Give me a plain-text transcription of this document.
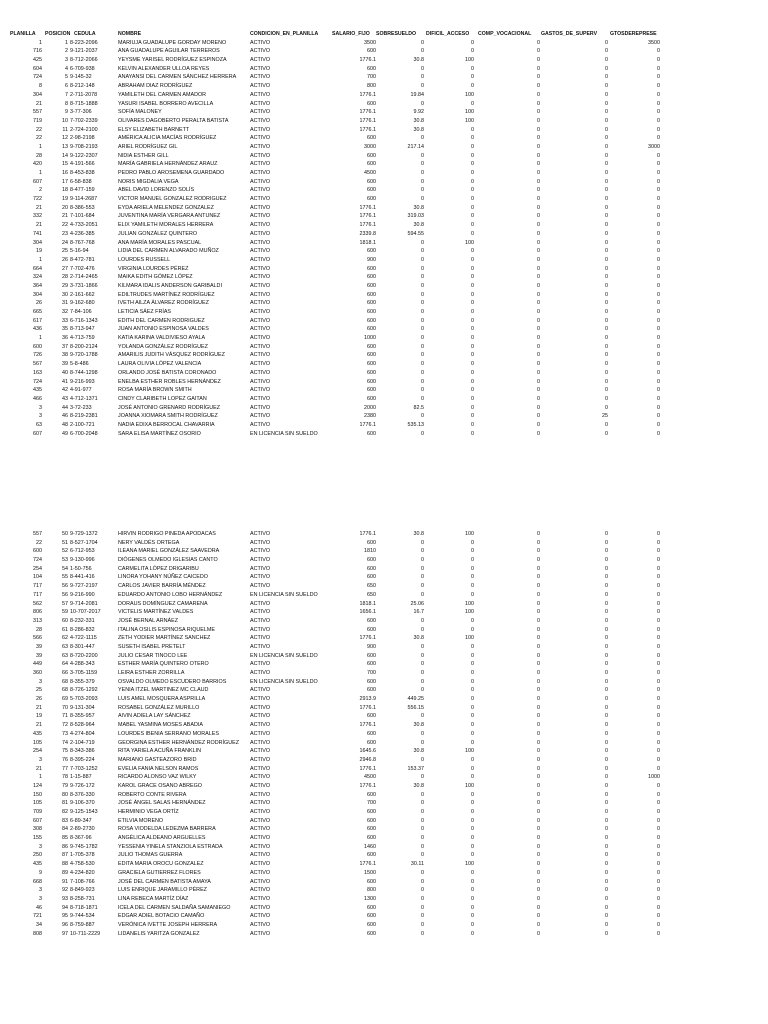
PLANILLA POSICION CEDULA	NOMBRE	CONDICION_EN_PLANILLA	SALARIO_FIJO SOBRESUELDO DIFICIL_ACCESO COMP_VOCACIONAL GASTOS_DE_SUPERV GTOSDEREPRESE
1	1 8-223-2096	MARIUJA GUADALUPE GORDAY MORENO	ACTIVO	3500	0	0	0	0	3500
716	2 9-121-2037	ANA GUADALUPE AGUILAR TERREROS	ACTIVO	600	0	0	0	0	0
425	3 8-712-2066	YEYSME YARISEL RODRÍGUEZ ESPINOZA	ACTIVO	1776.1	30.8	100	0	0	0
604	4 6-709-938	KELVIN ALEXANDER ULLOA REYES	ACTIVO	600	0	0	0	0	0
724	5 9-145-32	ANAYANSI DEL CARMEN SÁNCHEZ HERRERA	ACTIVO	700	0	0	0	0	0
8	6 8-212-148	ABRAHAM DIAZ RODRÍGUEZ	ACTIVO	800	0	0	0	0	0
304	7 2-711-2078	YAMILETH DEL CARMEN AMADOR	ACTIVO	1776.1	19.84	100	0	0	0
21	8 8-715-1888	YASURI ISABEL BORRERO AVECILLA	ACTIVO	600	0	0	0	0	0
557	9 3-77-306	SOFÍA MALONEY	ACTIVO	1776.1	9.92	100	0	0	0
719	10 7-702-2339	OLIVARES DAGOBERTO PERALTA BATISTA	ACTIVO	1776.1	30.8	100	0	0	0
22	11 2-724-2100	ELSY ELIZABETH BARNETT	ACTIVO	1776.1	30.8	0	0	0	0
22	12 2-98-2198	AMÉRICA ALICIA MACÍAS RODRÍGUEZ	ACTIVO	600	0	0	0	0	0
1	13 9-708-2193	ARIEL RODRÍGUEZ GIL	ACTIVO	3000	217.14	0	0	0	3000
28	14 9-122-2307	NIDIA ESTHER GILL	ACTIVO	600	0	0	0	0	0
420	15 4-191-566	MARÍA GABRIELA HERNÁNDEZ ARAUZ	ACTIVO	600	0	0	0	0	0
1	16 8-453-838	PEDRO PABLO AROSEMENA GUARDADO	ACTIVO	4500	0	0	0	0	0
607	17 6-58-838	NORIS MIGDALIA VEGA	ACTIVO	600	0	0	0	0	0
2	18 8-477-159	ABEL DAVID LORENZO SOLÍS	ACTIVO	600	0	0	0	0	0
722	19 9-114-2687	VICTOR MANUEL GONZALEZ RODRIGUEZ	ACTIVO	600	0	0	0	0	0
21	20 8-386-553	EYDA ARIELA MELENDEZ GONZALEZ	ACTIVO	1776.1	30.8	0	0	0	0
332	21 7-101-684	JUVENTINA MARÍA VERGARA ANTUNEZ	ACTIVO	1776.1	319.03	0	0	0	0
21	22 4-733-2051	ELIX YAMILETH MORALES HERRERA	ACTIVO	1776.1	30.8	0	0	0	0
741	23 4-236-385	JULIAN GONZÁLEZ QUINTERO	ACTIVO	2339.8	594.55	0	0	0	0
304	24 8-767-768	ANA MARÍA MORALES PASCUAL	ACTIVO	1818.1	0	100	0	0	0
19	25 5-16-94	LIDIA DEL CARMEN ALVARADO MUÑOZ	ACTIVO	600	0	0	0	0	0
1	26 8-472-781	LOURDES RUSSELL	ACTIVO	900	0	0	0	0	0
664	27 7-702-476	VIRGINIA LOURDES PÉREZ	ACTIVO	600	0	0	0	0	0
324	28 2-714-2465	MAIKA EDITH GÓMEZ LÓPEZ	ACTIVO	600	0	0	0	0	0
364	29 3-731-1866	KILMARA IDALIS ANDERSON GARIBALDI	ACTIVO	600	0	0	0	0	0
304	30 2-161-662	EDILTRUDES MARTÍNEZ RODRÍGUEZ	ACTIVO	600	0	0	0	0	0
26	31 9-162-680	IVETH AILZA ÁLVAREZ RODRÍGUEZ	ACTIVO	600	0	0	0	0	0
665	32 7-84-106	LETICIA SÁEZ FRÍAS	ACTIVO	600	0	0	0	0	0
617	33 6-716-1343	EDITH DEL CARMEN RODRIGUEZ	ACTIVO	600	0	0	0	0	0
436	35 8-713-947	JUAN ANTONIO ESPINOSA VALDES	ACTIVO	600	0	0	0	0	0
1	36 4-713-759	KATIA KARINA VALDIVIESO AYALA	ACTIVO	1000	0	0	0	0	0
600	37 8-200-2124	YOLANDA GONZÁLEZ RODRÍGUEZ	ACTIVO	600	0	0	0	0	0
726	38 9-720-1788	AMARILIS JUDITH VÁSQUEZ RODRÍGUEZ	ACTIVO	600	0	0	0	0	0
567	39 5-8-486	LAURA OLIVIA LÓPEZ VALENCIA	ACTIVO	600	0	0	0	0	0
163	40 8-744-1298	ORLANDO JOSÉ BATISTA CORONADO	ACTIVO	600	0	0	0	0	0
724	41 9-216-993	ENELBA ESTHER ROBLES HERNÁNDEZ	ACTIVO	600	0	0	0	0	0
435	42 4-91-977	ROSA MARÍA BROWN SMITH	ACTIVO	600	0	0	0	0	0
466	43 4-712-1371	CINDY CLARIBETH LOPEZ GAITAN	ACTIVO	600	0	0	0	0	0
3	44 3-72-233	JOSÉ ANTONIO GRENARD RODRÍGUEZ	ACTIVO	2000	82.5	0	0	0	0
3	46 8-219-2381	JOANNA XIOMARA SMITH RODRÍGUEZ	ACTIVO	2380	0	0	0	25	0
63	48 2-100-721	NADIA EDIXA BERROCAL CHAVARRIA	ACTIVO	1776.1	535.13	0	0	0	0
607	49 6-700-2048	SARA ELISA MARTÍNEZ OSORIO	EN LICENCIA SIN SUELDO	600	0	0	0	0	0
557	50 9-729-1372	HIRVIN RODRIGO PINEDA APODACAS	ACTIVO	1776.1	30.8	100	0	0	0
22	51 8-527-1704	NERY VALDÉS ORTEGA	ACTIVO	600	0	0	0	0	0
600	52 6-712-953	ILEANA MARIEL GONZÁLEZ SAAVEDRA	ACTIVO	1810	0	0	0	0	0
724	53 9-130-996	DIÓGENES OLMEDO IGLESIAS CANTO	ACTIVO	600	0	0	0	0	0
254	54 1-50-756	CARMELITA LÓPEZ DRIGARIBU	ACTIVO	600	0	0	0	0	0
104	55 8-441-416	LINORA YOHANY NÚÑEZ CAICEDO	ACTIVO	600	0	0	0	0	0
717	56 9-727-2197	CARLOS JAVIER BARRÍA MÉNDEZ	ACTIVO	650	0	0	0	0	0
717	56 9-216-990	EDUARDO ANTONIO LOBO HERNÁNDEZ	EN LICENCIA SIN SUELDO	650	0	0	0	0	0
562	57 9-714-2081	DORAUS DOMÍNGUEZ CAMARENA	ACTIVO	1818.1	25.06	100	0	0	0
806	59 10-707-2017	VICTELIS MARTÍNEZ VALDES	ACTIVO	1656.1	16.7	100	0	0	0
313	60 8-232-331	JOSÉ BERNAL ARNÁEZ	ACTIVO	600	0	0	0	0	0
28	61 8-286-832	ITALINA OSILIS ESPINOSA RIQUELME	ACTIVO	600	0	0	0	0	0
566	62 4-722-1115	ZETH YODIER MARTÍNEZ SANCHEZ	ACTIVO	1776.1	30.8	100	0	0	0
39	63 8-301-447	SUSETH ISABEL PRETELT	ACTIVO	900	0	0	0	0	0
39	63 8-720-2200	JULIO CESAR TINOCO LEE	EN LICENCIA SIN SUELDO	600	0	0	0	0	0
449	64 4-288-343	ESTHER MARÍA QUINTERO OTERO	ACTIVO	600	0	0	0	0	0
360	66 3-705-1159	LEIRA ESTHER ZORRILLA	ACTIVO	700	0	0	0	0	0
3	68 8-355-379	OSVALDO OLMEDO ESCUDERO BARRIOS	EN LICENCIA SIN SUELDO	600	0	0	0	0	0
25	68 8-726-1292	YENIA ITZEL MARTINEZ MC CLAUD	ACTIVO	600	0	0	0	0	0
26	69 5-703-2093	LUIS AMEL MOSQUERA ASPRILLA	ACTIVO	2913.9	449.25	0	0	0	0
21	70 9-131-304	ROSABEL GONZÁLEZ MURILLO	ACTIVO	1776.1	556.15	0	0	0	0
19	71 8-355-957	AIVIN ADIELA LAY SÁNCHEZ	ACTIVO	600	0	0	0	0	0
21	72 8-528-964	MABEL YASMINA MOSES ABADIA	ACTIVO	1776.1	30.8	0	0	0	0
435	73 4-274-804	LOURDES IBENIA SERRANO MORALES	ACTIVO	600	0	0	0	0	0
105	74 2-104-719	GEORGINA ESTHER HERNÁNDEZ RODRÍGUEZ	ACTIVO	600	0	0	0	0	0
254	75 8-343-386	RITA YARIELA ACUÑA FRANKLIN	ACTIVO	1645.6	30.8	100	0	0	0
3	76 8-395-224	MARIANO GASTEAZORO BRID	ACTIVO	2946.8	0	0	0	0	0
21	77 7-703-1252	EVELIA FANIA NELSON RAMOS	ACTIVO	1776.1	153.37	0	0	0	0
1	78 1-15-887	RICARDO ALONSO VAZ WILKY	ACTIVO	4500	0	0	0	0	1000
124	79 9-726-172	KAROL GRACE OSANO ABREGO	ACTIVO	1776.1	30.8	100	0	0	0
150	80 8-376-330	ROBERTO CONTE RIVERA	ACTIVO	600	0	0	0	0	0
105	81 9-106-370	JOSÉ ÁNGEL SALAS HERNÁNDEZ	ACTIVO	700	0	0	0	0	0
709	82 9-125-1543	HERMINIO VEGA ORTÍZ	ACTIVO	600	0	0	0	0	0
607	83 6-89-347	ETILVIA MORENO	ACTIVO	600	0	0	0	0	0
308	84 2-89-2730	ROSA VIODELDA LEDEZMA BARRERA	ACTIVO	600	0	0	0	0	0
155	85 8-367-96	ANGÉLICA ALDEANO ARGUELLES	ACTIVO	600	0	0	0	0	0
3	86 9-745-1782	YESSENIA YINELA STANZIOLA ESTRADA	ACTIVO	1460	0	0	0	0	0
250	87 1-705-378	JULIO THOMAS GUERRA	ACTIVO	600	0	0	0	0	0
435	88 4-758-530	EDITA MARIA OROCU GONZALEZ	ACTIVO	1776.1	30.11	100	0	0	0
9	89 4-234-820	GRACIELA GUTIERREZ FLORES	ACTIVO	1500	0	0	0	0	0
668	91 7-108-766	JOSÉ DEL CARMEN BATISTA AMAYA	ACTIVO	600	0	0	0	0	0
3	92 8-849-923	LUIS ENRIQUE JARAMILLO PÉREZ	ACTIVO	800	0	0	0	0	0
3	93 8-258-731	LINA REBECA MARTÍZ DÍAZ	ACTIVO	1300	0	0	0	0	0
46	94 8-718-1871	ICELA DEL CARMEN SALDAÑA SAMANIEGO	ACTIVO	600	0	0	0	0	0
721	95 9-744-534	EDGAR ADIEL BOTACIO CAMAÑO	ACTIVO	600	0	0	0	0	0
34	96 8-759-887	VERÓNICA IVETTE JOSEPH HERRERA	ACTIVO	600	0	0	0	0	0
808	97 10-711-2229	LIDANELIS YARITZA GONZALEZ	ACTIVO	600	0	0	0	0	0
